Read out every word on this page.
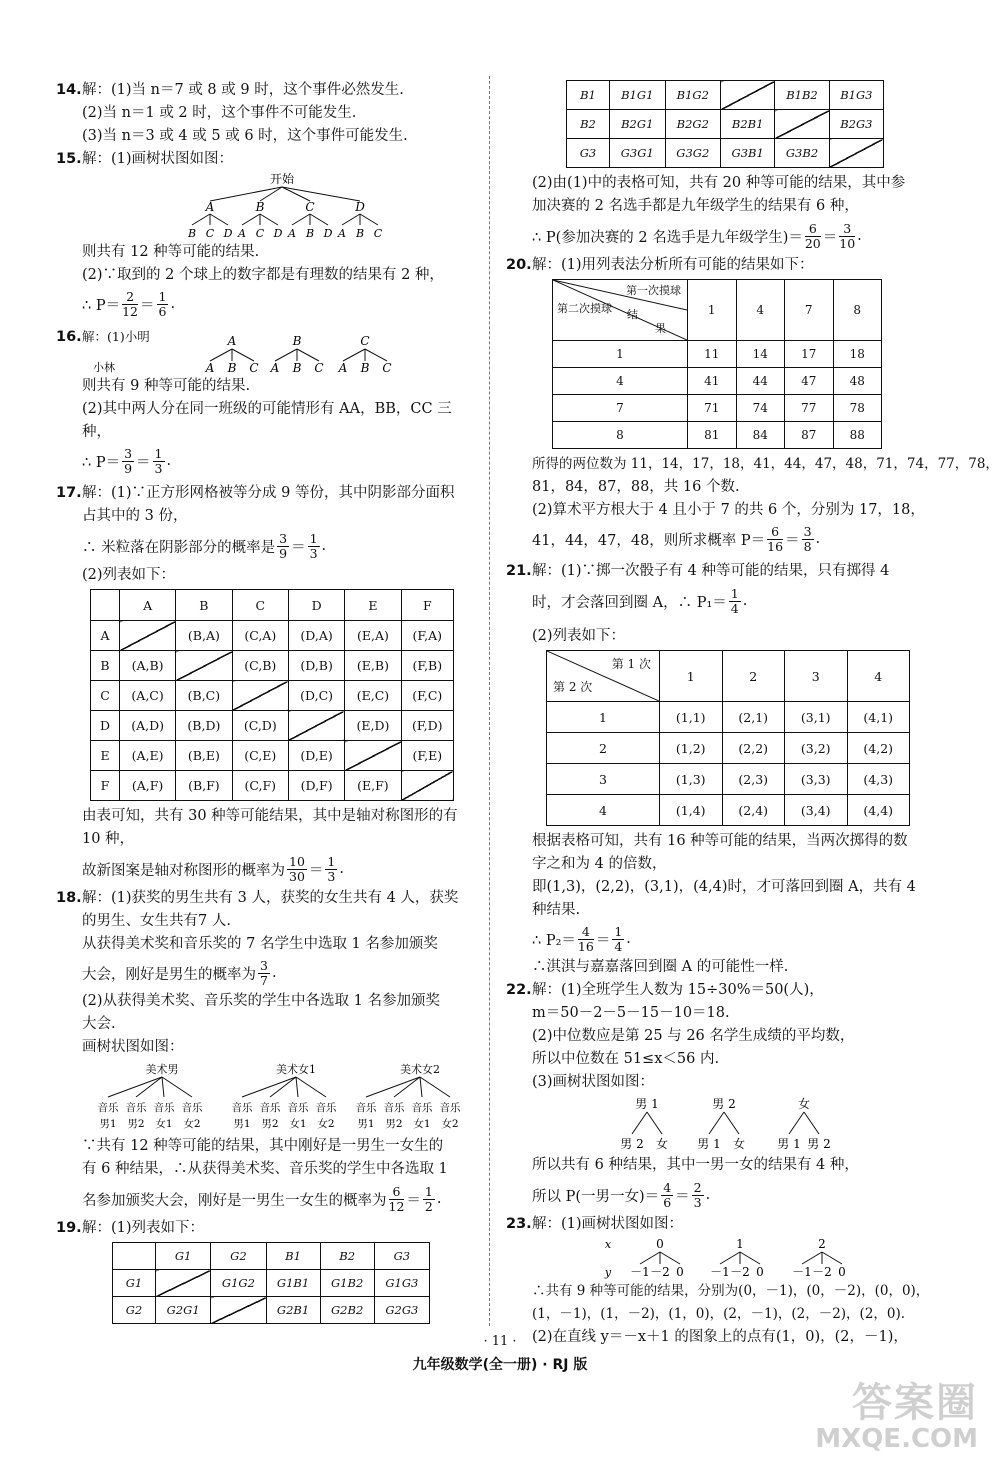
14.解：(1)当 n＝7 或 8 或 9 时，这个事件必然发生.
(2)当 n＝1 或 2 时，这个事件不可能发生.
(3)当 n＝3 或 4 或 5 或 6 时，这个事件可能发生.
15.解：(1)画树状图如图：
开始
A	B	C	D
B C D A C D A B D A B C
则共有 12 种等可能的结果.
(2)∵取到的 2 个球上的数字都是有理数的结果有 2 种，
∴ $P= \frac{2}{12} = \frac{1}{6}$ .
16.解：(1)小明
小林
A
A B C
B
A B C
C
A B C
则共有 9 种等可能的结果.
(2)其中两人分在同一班级的可能情形有 AA，BB，CC 三
种，
∴ $P= \frac{3}{9} = \frac{1}{3}$ .
17.解：(1)∵正方形网格被等分成 9 等份，其中阴影部分面积
占其中的 3 份，
∴ 米粒落在阴影部分的概率是 $\frac{3}{9} = \frac{1}{3}$ .
(2)列表如下：
	A	B	C	D	E	F
A		(B,A)	(C,A)	(D,A)	(E,A)	(F,A)
B	(A,B)		(C,B)	(D,B)	(E,B)	(F,B)
C	(A,C)	(B,C)		(D,C)	(E,C)	(F,C)
D	(A,D)	(B,D)	(C,D)		(E,D)	(F,D)
E	(A,E)	(B,E)	(C,E)	(D,E)		(F,E)
F	(A,F)	(B,F)	(C,F)	(D,F)	(E,F)	
由表可知，共有 30 种等可能结果，其中是轴对称图形的有
10 种，
故新图案是轴对称图形的概率为 $\frac{10}{30} = \frac{1}{3}$ .
18.解：(1)获奖的男生共有 3 人，获奖的女生共有 4 人，获奖
的男生、女生共有7 人.
从获得美术奖和音乐奖的 7 名学生中选取 1 名参加颁奖
大会，刚好是男生的概率为 $\frac{3}{7}$ .
(2)从获得美术奖、音乐奖的学生中各选取 1 名参加颁奖
大会.
画树状图如图：
美术男
音乐
男1
音乐
男2
音乐
女1
音乐
女2
美术女1
音乐
男1
音乐
男2
音乐
女1
音乐
女2
美术女2
音乐
男1
音乐
男2
音乐
女1
音乐
女2
∵共有 12 种等可能的结果，其中刚好是一男生一女生的
有 6 种结果，∴从获得美术奖、音乐奖的学生中各选取 1
名参加颁奖大会，刚好是一男生一女生的概率为 $\frac{6}{12} = \frac{1}{2}$ .
19.解：(1)列表如下：
	G1	G2	B1	B2	G3
G1		G1G2	G1B1	G1B2	G1G3
G2	G2G1		G2B1	G2B2	G2G3
B1	B1G1	B1G2		B1B2	B1G3
B2	B2G1	B2G2	B2B1		B2G3
G3	G3G1	G3G2	G3B1	G3B2	
(2)由(1)中的表格可知，共有 20 种等可能的结果，其中参
加决赛的 2 名选手都是九年级学生的结果有 6 种，
∴ P(参加决赛的 2 名选手是九年级学生)＝ $\frac{6}{20} = \frac{3}{10}$ .
20.解：(1)用列表法分析所有可能的结果如下：
第一次摸球
结
果
第二次摸球	1	4	7	8
1	11	14	17	18
4	41	44	47	48
7	71	74	77	78
8	81	84	87	88
所得的两位数为 11，14，17，18，41，44，47，48，71，74，77，78，
81，84，87，88，共 16 个数.
(2)算术平方根大于 4 且小于 7 的共 6 个，分别为 17，18，
41，44，47，48，则所求概率 $P= \frac{6}{16} = \frac{3}{8}$ .
21.解：(1)∵掷一次骰子有 4 种等可能的结果，只有掷得 4
时，才会落回到圈 A，∴ $P_1= \frac{1}{4}$ .
(2)列表如下：
第 1 次
第 2 次	1	2	3	4
1	(1,1)	(2,1)	(3,1)	(4,1)
2	(1,2)	(2,2)	(3,2)	(4,2)
3	(1,3)	(2,3)	(3,3)	(4,3)
4	(1,4)	(2,4)	(3,4)	(4,4)
根据表格可知，共有 16 种等可能的结果，当两次掷得的数
字之和为 4 的倍数，
即(1,3)，(2,2)，(3,1)，(4,4)时，才可落回到圈 A，共有 4
种结果.
∴ $P_2= \frac{4}{16} = \frac{1}{4}$ .
∴淇淇与嘉嘉落回到圈 A 的可能性一样.
22.解：(1)全班学生人数为 15÷30%＝50(人)，
m＝50－2－5－15－10＝18.
(2)中位数应是第 25 与 26 名学生成绩的平均数，
所以中位数在 51≤x＜56 内.
(3)画树状图如图：
男 1
男 2 女
男 2
男 1 女
女
男 1 男 2
所以共有 6 种结果，其中一男一女的结果有 4 种，
所以 P(一男一女)＝ $\frac{4}{6} = \frac{2}{3}$ .
23.解：(1)画树状图如图：
x
y
0
－1 －2 0
1
－1 －2 0
2
－1 －2 0
∴共有 9 种等可能的结果，分别为(0，－1)，(0，－2)，(0，0)，
(1，－1)，(1，－2)，(1，0)，(2，－1)，(2，－2)，(2，0).
(2)在直线 y＝－x＋1 的图象上的点有(1，0)，(2，－1)，
· 11 ·
九年级数学(全一册) · RJ 版
答案圈
MXQE.COM
